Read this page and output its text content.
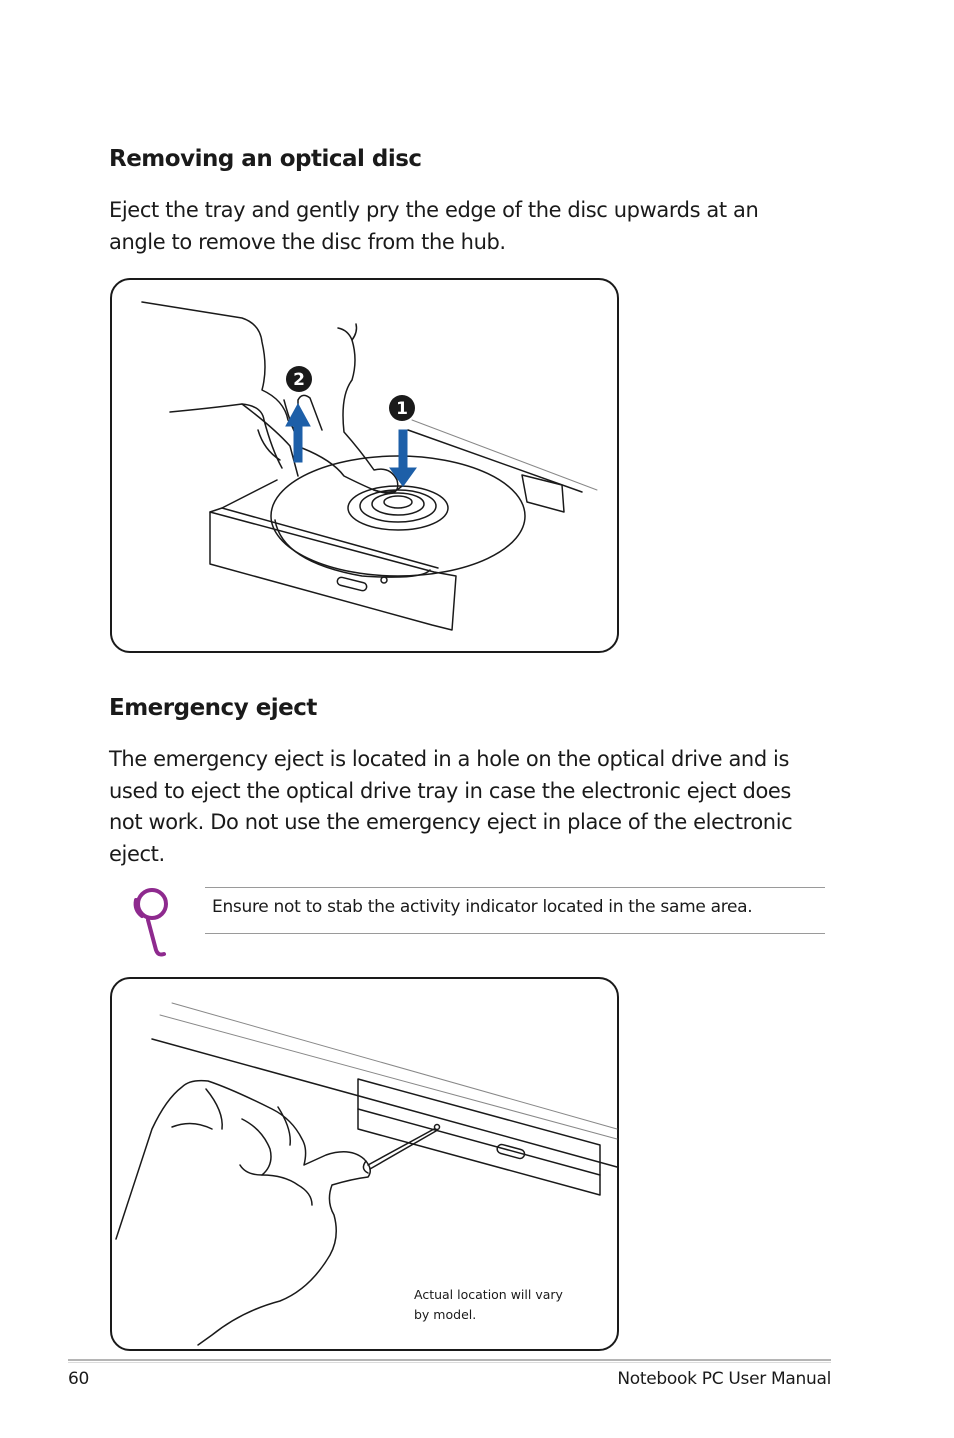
Removing an optical disc

Eject the tray and gently pry the edge of the disc upwards at an
angle to remove the disc from the hub.

2
1
Emergency eject

The emergency eject is located in a hole on the optical drive and is
used to eject the optical drive tray in case the electronic eject does
not work. Do not use the emergency eject in place of the electronic
eject.

Ensure not to stab the activity indicator located in the same area.

Actual location will vary
by model.

60	Notebook PC User Manual
